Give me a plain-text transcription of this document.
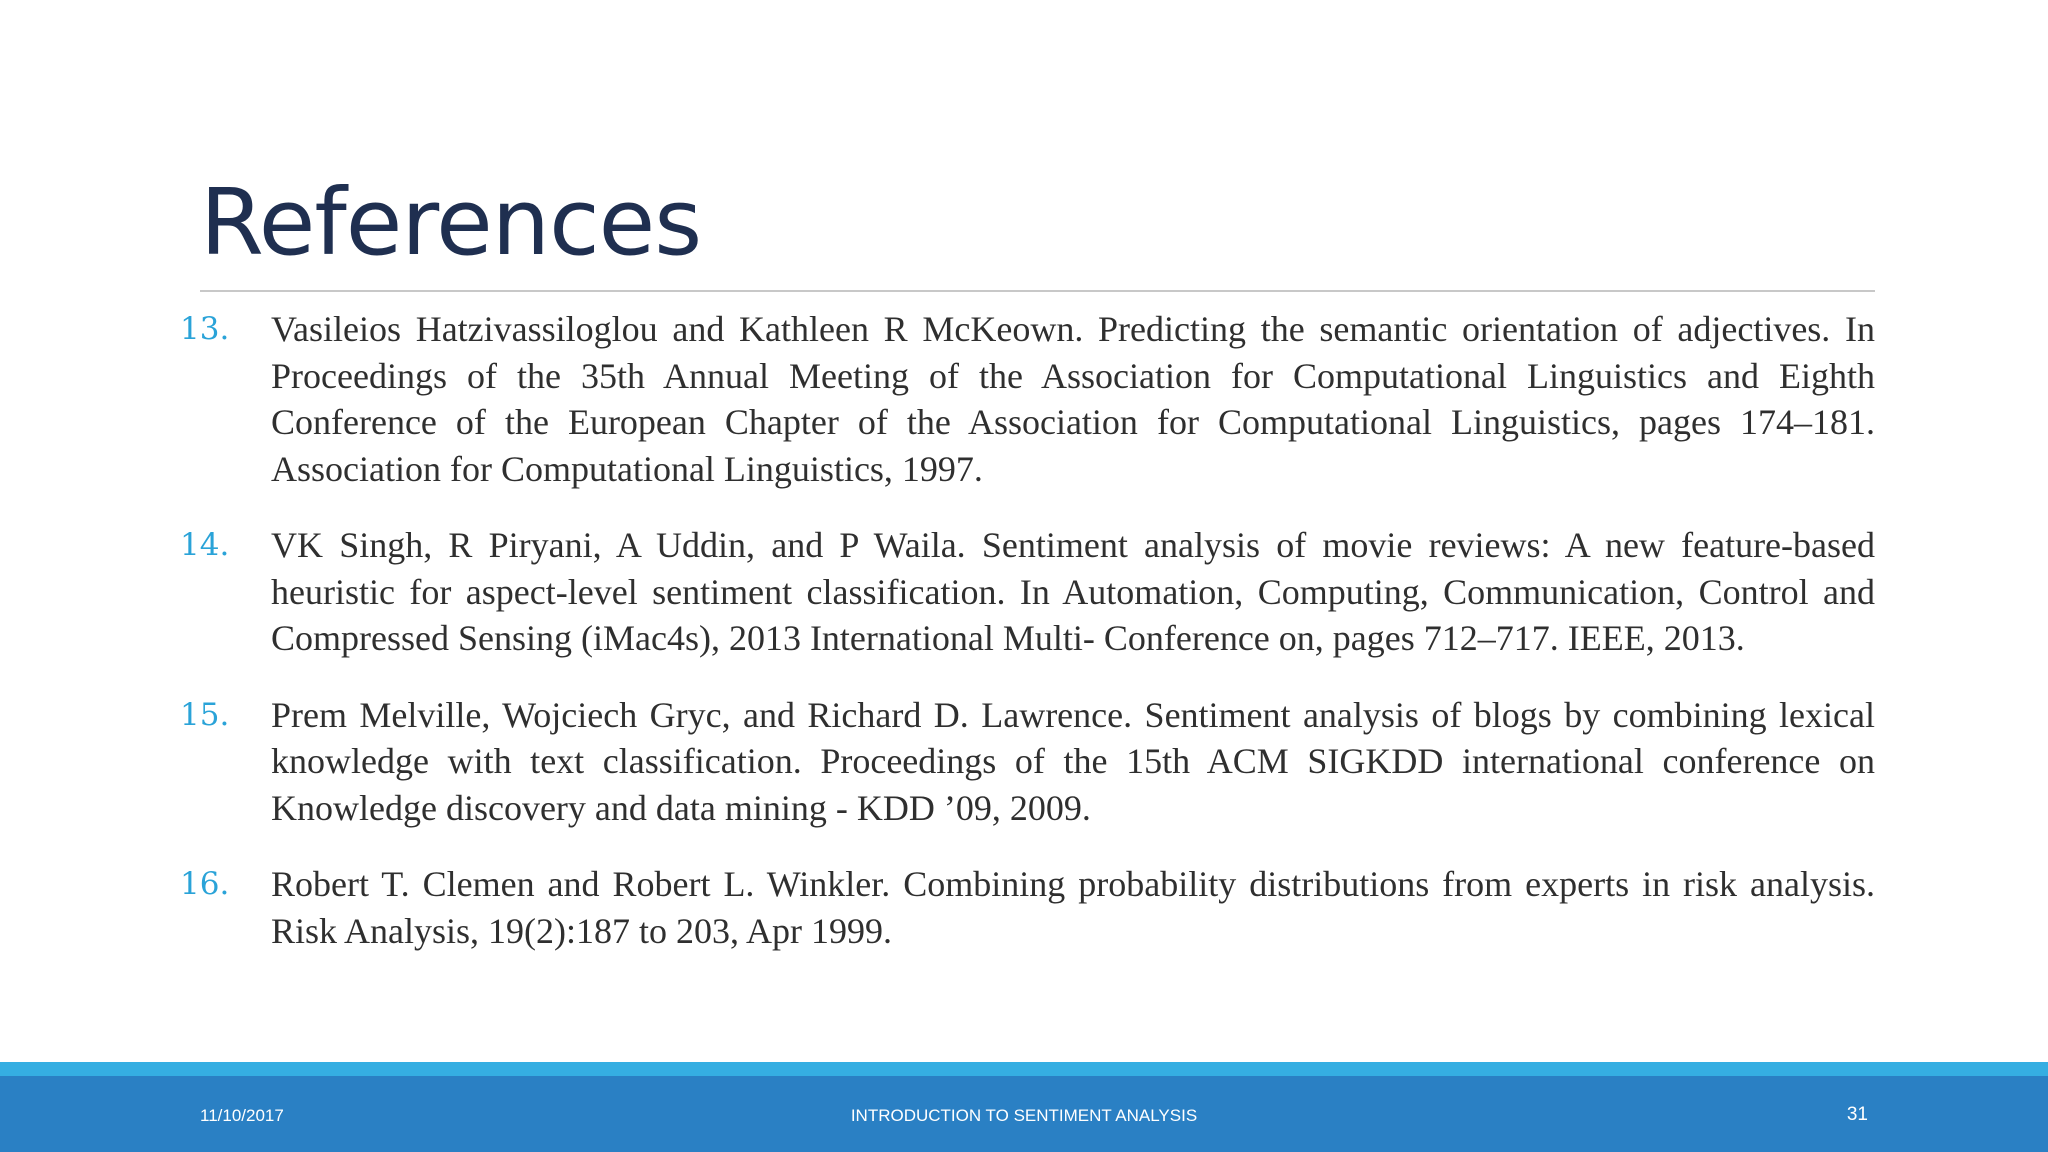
References
13.	Vasileios Hatzivassiloglou and Kathleen R McKeown. Predicting the semantic orientation of adjectives. In Proceedings of the 35th Annual Meeting of the Association for Computational Linguistics and Eighth Conference of the European Chapter of the Association for Computational Linguistics, pages 174–181. Association for Computational Linguistics, 1997.

14.	VK Singh, R Piryani, A Uddin, and P Waila. Sentiment analysis of movie reviews: A new feature-based heuristic for aspect-level sentiment classification. In Automation, Computing, Communication, Control and Compressed Sensing (iMac4s), 2013 International Multi- Conference on, pages 712–717. IEEE, 2013.

15.	Prem Melville, Wojciech Gryc, and Richard D. Lawrence. Sentiment analysis of blogs by combining lexical knowledge with text classification. Proceedings of the 15th ACM SIGKDD international conference on Knowledge discovery and data mining - KDD ’09, 2009.

16.	Robert T. Clemen and Robert L. Winkler. Combining probability distributions from experts in risk analysis. Risk Analysis, 19(2):187 to 203, Apr 1999.

11/10/2017	INTRODUCTION TO SENTIMENT ANALYSIS	31
